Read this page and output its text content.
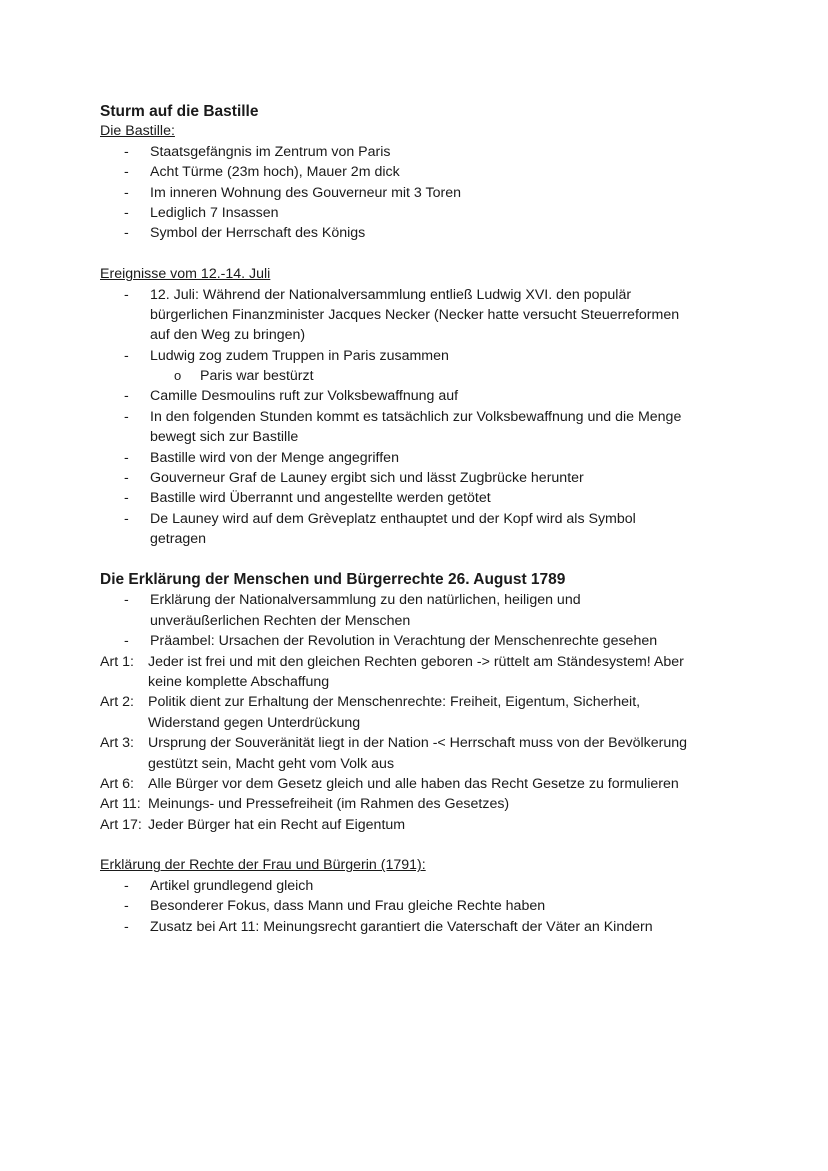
Sturm auf die Bastille
Die Bastille:
- Staatsgefängnis im Zentrum von Paris
- Acht Türme (23m hoch), Mauer 2m dick
- Im inneren Wohnung des Gouverneur mit 3 Toren
- Lediglich 7 Insassen
- Symbol der Herrschaft des Königs
Ereignisse vom 12.-14. Juli
- 12. Juli: Während der Nationalversammlung entließ Ludwig XVI. den populär
bürgerlichen Finanzminister Jacques Necker (Necker hatte versucht Steuerreformen
auf den Weg zu bringen)
- Ludwig zog zudem Truppen in Paris zusammen
o Paris war bestürzt
- Camille Desmoulins ruft zur Volksbewaffnung auf
- In den folgenden Stunden kommt es tatsächlich zur Volksbewaffnung und die Menge
bewegt sich zur Bastille
- Bastille wird von der Menge angegriffen
- Gouverneur Graf de Launey ergibt sich und lässt Zugbrücke herunter
- Bastille wird Überrannt und angestellte werden getötet
- De Launey wird auf dem Grèveplatz enthauptet und der Kopf wird als Symbol
getragen
Die Erklärung der Menschen und Bürgerrechte 26. August 1789
- Erklärung der Nationalversammlung zu den natürlichen, heiligen und
unveräußerlichen Rechten der Menschen
- Präambel: Ursachen der Revolution in Verachtung der Menschenrechte gesehen
Art 1: Jeder ist frei und mit den gleichen Rechten geboren -> rüttelt am Ständesystem! Aber
keine komplette Abschaffung
Art 2: Politik dient zur Erhaltung der Menschenrechte: Freiheit, Eigentum, Sicherheit,
Widerstand gegen Unterdrückung
Art 3: Ursprung der Souveränität liegt in der Nation -< Herrschaft muss von der Bevölkerung
gestützt sein, Macht geht vom Volk aus
Art 6: Alle Bürger vor dem Gesetz gleich und alle haben das Recht Gesetze zu formulieren
Art 11: Meinungs- und Pressefreiheit (im Rahmen des Gesetzes)
Art 17: Jeder Bürger hat ein Recht auf Eigentum
Erklärung der Rechte der Frau und Bürgerin (1791):
- Artikel grundlegend gleich
- Besonderer Fokus, dass Mann und Frau gleiche Rechte haben
- Zusatz bei Art 11: Meinungsrecht garantiert die Vaterschaft der Väter an Kindern
